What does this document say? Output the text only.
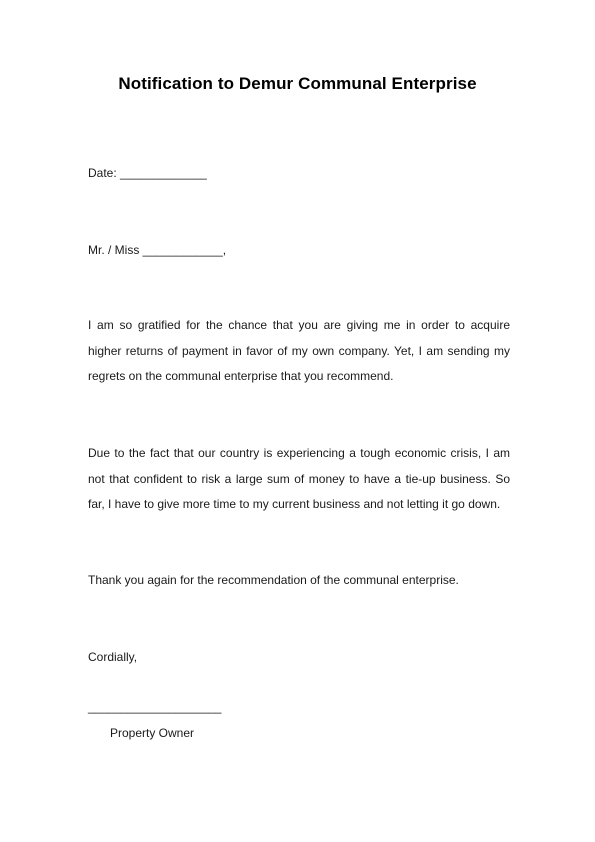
Notification to Demur Communal Enterprise
Date: _____________
Mr. / Miss ____________,
I am so gratified for the chance that you are giving me in order to acquire higher returns of payment in favor of my own company. Yet, I am sending my regrets on the communal enterprise that you recommend.
Due to the fact that our country is experiencing a tough economic crisis, I am not that confident to risk a large sum of money to have a tie-up business. So far, I have to give more time to my current business and not letting it go down.
Thank you again for the recommendation of the communal enterprise.
Cordially,
____________________
Property Owner
